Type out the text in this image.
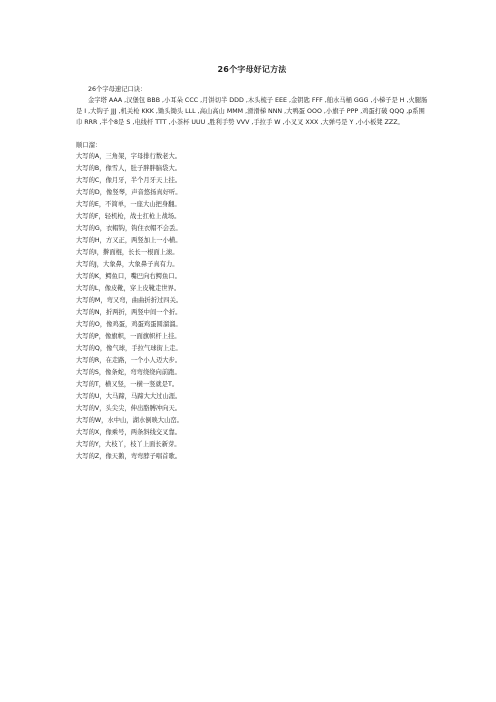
26个字母好记方法

26个字母速记口诀：

金字塔 AAA ,汉堡包 BBB ,小耳朵 CCC ,月饼切半 DDD ,木头梳子 EEE ,金钥匙 FFF ,舶水马桶 GGG ,小梯子是 H ,火腿肠是 I ,大钩子 JJJ ,机关枪 KKK ,锄头锄头 LLL ,高山高山 MMM ,滑滑梯 NNN ,大鸭蛋 OOO ,小旗子 PPP ,鸡蛋打破 QQQ ,p系围巾 RRR ,半个8是 S ,电线杆 TTT ,小茶杯 UUU ,胜利手势 VVV ,手拉手 W ,小叉叉 XXX ,大弹弓是 Y ,小小板凳 ZZZ。

顺口溜：

大写的A，三角架，字母排行数老大。
大写的B，像雪人，肚子胖胖脑袋大。
大写的C，像月牙，半个月牙天上挂。
大写的D，像竖琴，声音悠扬真好听。
大写的E，不简单，一座大山把身翻。
大写的F，轻机枪，战士扛枪上战场。
大写的G，衣帽钩，钩住衣帽不会丢。
大写的H，方又正，两竖加上一小横。
大写的I，擀面棍，长长一根面上滚。
大写的J，大象鼻，大象鼻子真有力。
大写的K，鳄鱼口，嘴巴向右鳄鱼口。
大写的L，像皮靴，穿上皮靴走世界。
大写的M，弯又弯，曲曲折折过四关。
大写的N，折两折，两竖中间一个折。
大写的O，像鸡蛋，鸡蛋鸡蛋圆溜溜。
大写的P，像旗帜，一面旗帜杆上挂。
大写的Q，像气球，手拉气球街上走。
大写的R，在走路，一个小人迈大步。
大写的S，像条蛇，弯弯绕绕向前跑。
大写的T，横又竖，一横一竖就是T。
大写的U，大马蹄，马蹄大大过山涯。
大写的V，头尖尖，伸出胳膊冲向天。
大写的W，水中山，湖水倒映大山峦。
大写的X，像乘号，两条斜线交叉靠。
大写的Y，大枝丫，枝丫上面长新芽。
大写的Z，像天鹅，弯弯脖子唱首歌。
